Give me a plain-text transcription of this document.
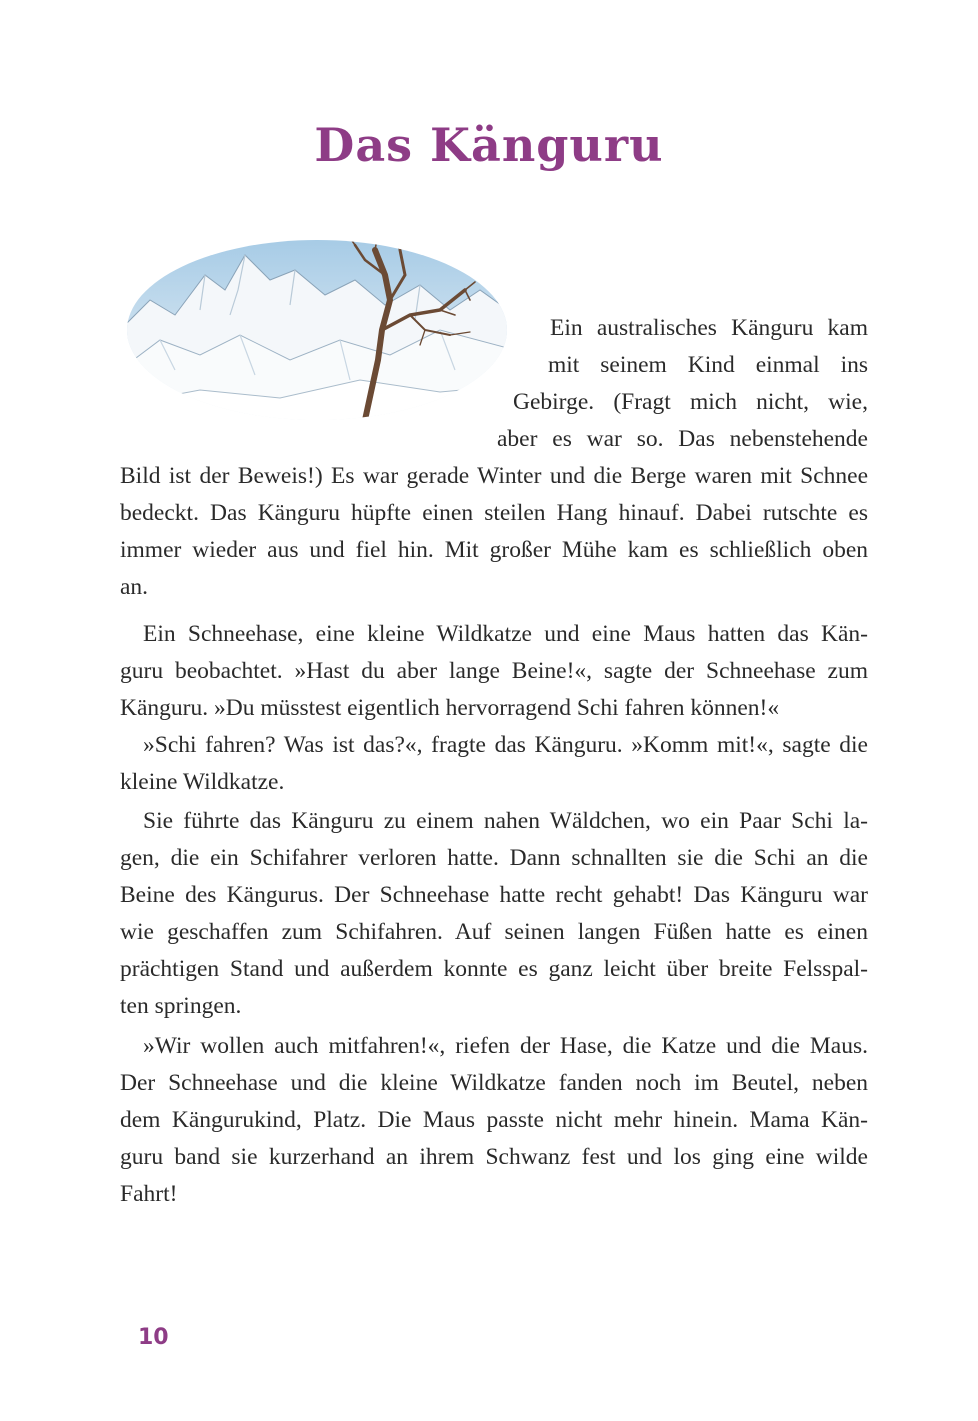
Das Känguru
Ein australisches Känguru kam
mit seinem Kind einmal ins
Gebirge. (Fragt mich nicht, wie,
aber es war so. Das nebenstehende
Bild ist der Beweis!) Es war gerade Winter und die Berge waren mit Schnee
bedeckt. Das Känguru hüpfte einen steilen Hang hinauf. Dabei rutschte es
immer wieder aus und fiel hin. Mit großer Mühe kam es schließlich oben
an.
Ein Schneehase, eine kleine Wildkatze und eine Maus hatten das Kän-
guru beobachtet. »Hast du aber lange Beine!«, sagte der Schneehase zum
Känguru. »Du müsstest eigentlich hervorragend Schi fahren können!«
»Schi fahren? Was ist das?«, fragte das Känguru. »Komm mit!«, sagte die
kleine Wildkatze.
Sie führte das Känguru zu einem nahen Wäldchen, wo ein Paar Schi la-
gen, die ein Schifahrer verloren hatte. Dann schnallten sie die Schi an die
Beine des Kängurus. Der Schneehase hatte recht gehabt! Das Känguru war
wie geschaffen zum Schifahren. Auf seinen langen Füßen hatte es einen
prächtigen Stand und außerdem konnte es ganz leicht über breite Felsspal-
ten springen.
»Wir wollen auch mitfahren!«, riefen der Hase, die Katze und die Maus.
Der Schneehase und die kleine Wildkatze fanden noch im Beutel, neben
dem Kängurukind, Platz. Die Maus passte nicht mehr hinein. Mama Kän-
guru band sie kurzerhand an ihrem Schwanz fest und los ging eine wilde
Fahrt!
10
